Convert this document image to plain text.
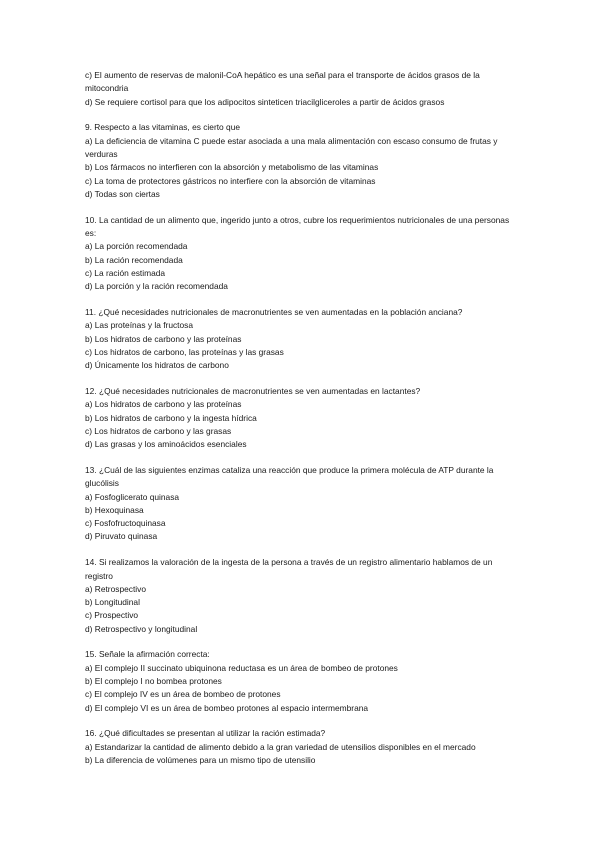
c) El aumento de reservas de malonil-CoA hepático es una señal para el transporte de ácidos grasos de la mitocondria
d) Se requiere cortisol para que los adipocitos sinteticen triacilgliceroles a partir de ácidos grasos
9. Respecto a las vitaminas, es cierto que
a) La deficiencia de vitamina C puede estar asociada a una mala alimentación con escaso consumo de frutas y verduras
b) Los fármacos no interfieren con la absorción y metabolismo de las vitaminas
c) La toma de protectores gástricos no interfiere con la absorción de vitaminas
d) Todas son ciertas
10. La cantidad de un alimento que, ingerido junto a otros, cubre los requerimientos nutricionales de una personas es:
a) La porción recomendada
b) La ración recomendada
c) La ración estimada
d) La porción y la ración recomendada
11. ¿Qué necesidades nutricionales de macronutrientes se ven aumentadas en la población anciana?
a) Las proteínas y la fructosa
b) Los hidratos de carbono y las proteínas
c) Los hidratos de carbono, las proteínas y las grasas
d) Únicamente los hidratos de carbono
12. ¿Qué necesidades nutricionales de macronutrientes se ven aumentadas en lactantes?
a) Los hidratos de carbono y las proteínas
b) Los hidratos de carbono y la ingesta hídrica
c) Los hidratos de carbono y las grasas
d) Las grasas y los aminoácidos esenciales
13. ¿Cuál de las siguientes enzimas cataliza una reacción que produce la primera molécula de ATP durante la glucólisis
a) Fosfoglicerato quinasa
b) Hexoquinasa
c) Fosfofructoquinasa
d) Piruvato quinasa
14. Si realizamos la valoración de la ingesta de la persona a través de un registro alimentario hablamos de un registro
a) Retrospectivo
b) Longitudinal
c) Prospectivo
d) Retrospectivo y longitudinal
15. Señale la afirmación correcta:
a) El complejo II succinato ubiquinona reductasa es un área de bombeo de protones
b) El complejo I no bombea protones
c) El complejo IV es un área de bombeo de protones
d) El complejo VI es un área de bombeo protones al espacio intermembrana
16. ¿Qué dificultades se presentan al utilizar la ración estimada?
a) Estandarizar la cantidad de alimento debido a la gran variedad de utensilios disponibles en el mercado
b) La diferencia de volúmenes para un mismo tipo de utensilio
